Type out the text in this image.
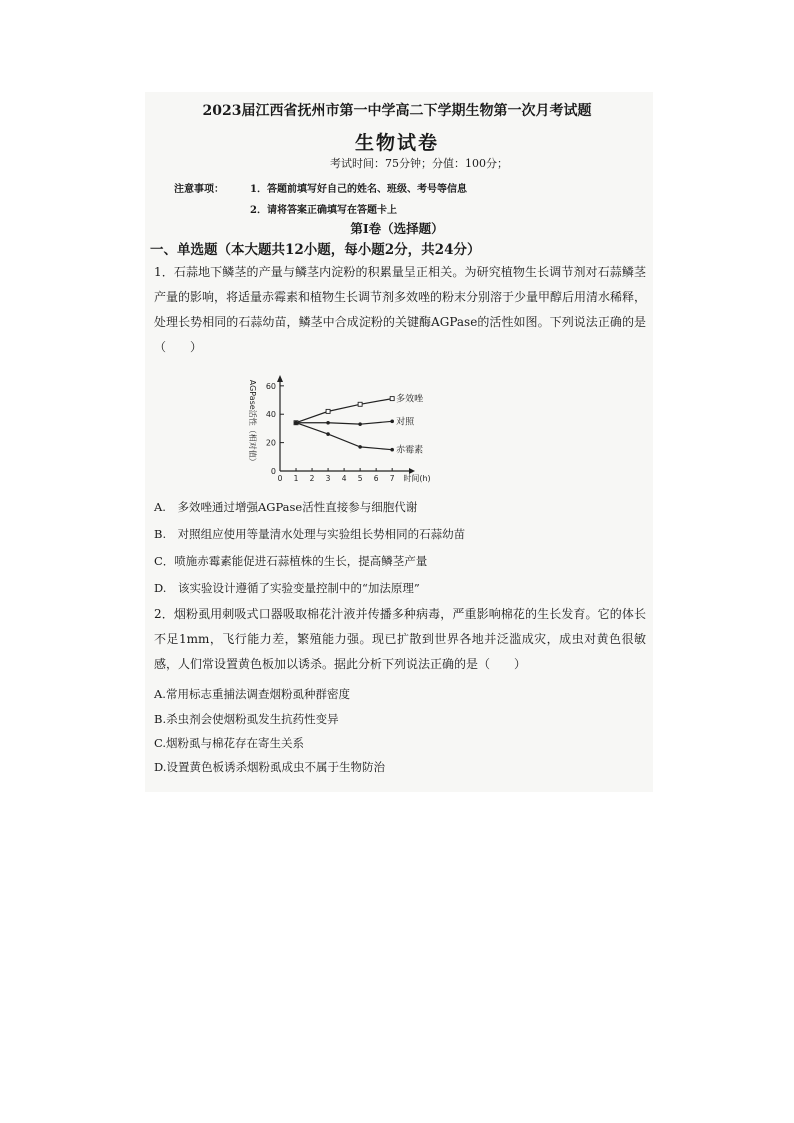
2023届江西省抚州市第一中学高二下学期生物第一次月考试题
生物试卷
考试时间：75分钟；分值：100分；
注意事项：	1．答题前填写好自己的姓名、班级、考号等信息
2．请将答案正确填写在答题卡上
第Ⅰ卷（选择题）
一、单选题（本大题共12小题，每小题2分，共24分）
1．石蒜地下鳞茎的产量与鳞茎内淀粉的积累量呈正相关。为研究植物生长调节剂对石蒜鳞茎产量的影响，将适量赤霉素和植物生长调节剂多效唑的粉末分别溶于少量甲醇后用清水稀释，处理长势相同的石蒜幼苗，鳞茎中合成淀粉的关键酶AGPase的活性如图。下列说法正确的是（　　）
0
20
40
60
0 1 2 3 4 5 6 7 时间(h)
AGPase活性（相对值）	多效唑
对照
赤霉素
A.　多效唑通过增强AGPase活性直接参与细胞代谢
B.　对照组应使用等量清水处理与实验组长势相同的石蒜幼苗
C．喷施赤霉素能促进石蒜植株的生长，提高鳞茎产量
D.　该实验设计遵循了实验变量控制中的“加法原理”
2．烟粉虱用刺吸式口器吸取棉花汁液并传播多种病毒，严重影响棉花的生长发育。它的体长不足1mm，飞行能力差，繁殖能力强。现已扩散到世界各地并泛滥成灾，成虫对黄色很敏感，人们常设置黄色板加以诱杀。据此分析下列说法正确的是（　　）
A.常用标志重捕法调查烟粉虱种群密度
B.杀虫剂会使烟粉虱发生抗药性变异
C.烟粉虱与棉花存在寄生关系
D.设置黄色板诱杀烟粉虱成虫不属于生物防治
